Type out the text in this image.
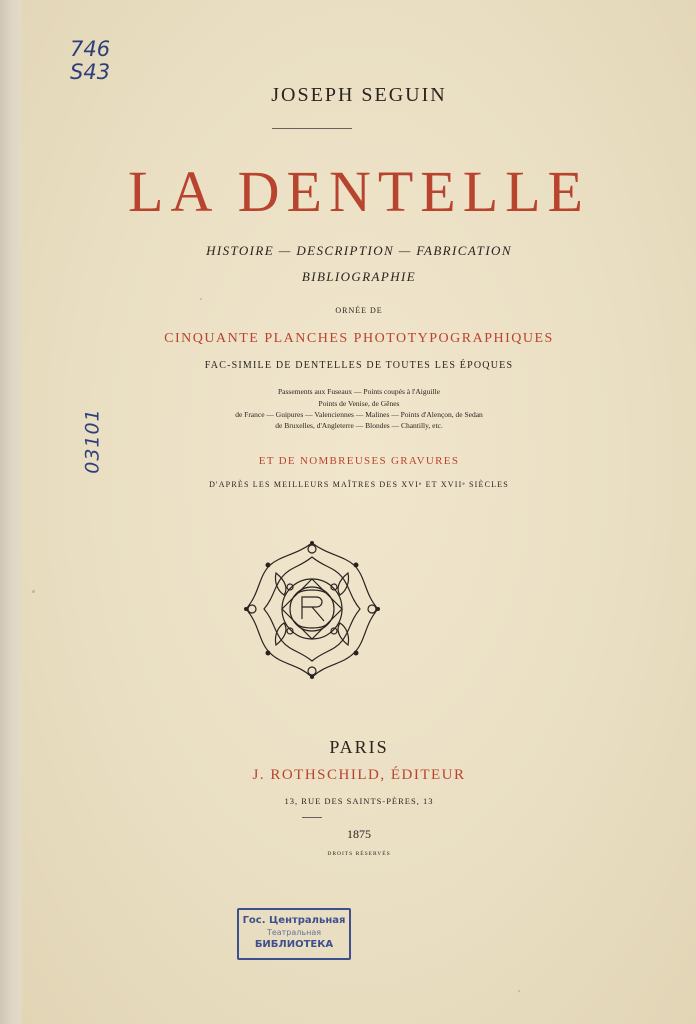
746
S43
03101
JOSEPH SEGUIN
LA DENTELLE
HISTOIRE — DESCRIPTION — FABRICATION
BIBLIOGRAPHIE
ORNÉE DE
CINQUANTE PLANCHES PHOTOTYPOGRAPHIQUES
FAC-SIMILE DE DENTELLES DE TOUTES LES ÉPOQUES
Passements aux Fuseaux — Points coupés à l'Aiguille
Points de Venise, de Gênes
de France — Guipures — Valenciennes — Malines — Points d'Alençon, de Sedan
de Bruxelles, d'Angleterre — Blondes — Chantilly, etc.
ET DE NOMBREUSES GRAVURES
D'APRÈS LES MEILLEURS MAÎTRES DES XVIᵉ ET XVIIᵉ SIÈCLES
PARIS
J. ROTHSCHILD, ÉDITEUR
13, RUE DES SAINTS-PÈRES, 13
1875
DROITS RÉSERVÉS
Гос. Центральная
Театральная
БИБЛИОТЕКА
